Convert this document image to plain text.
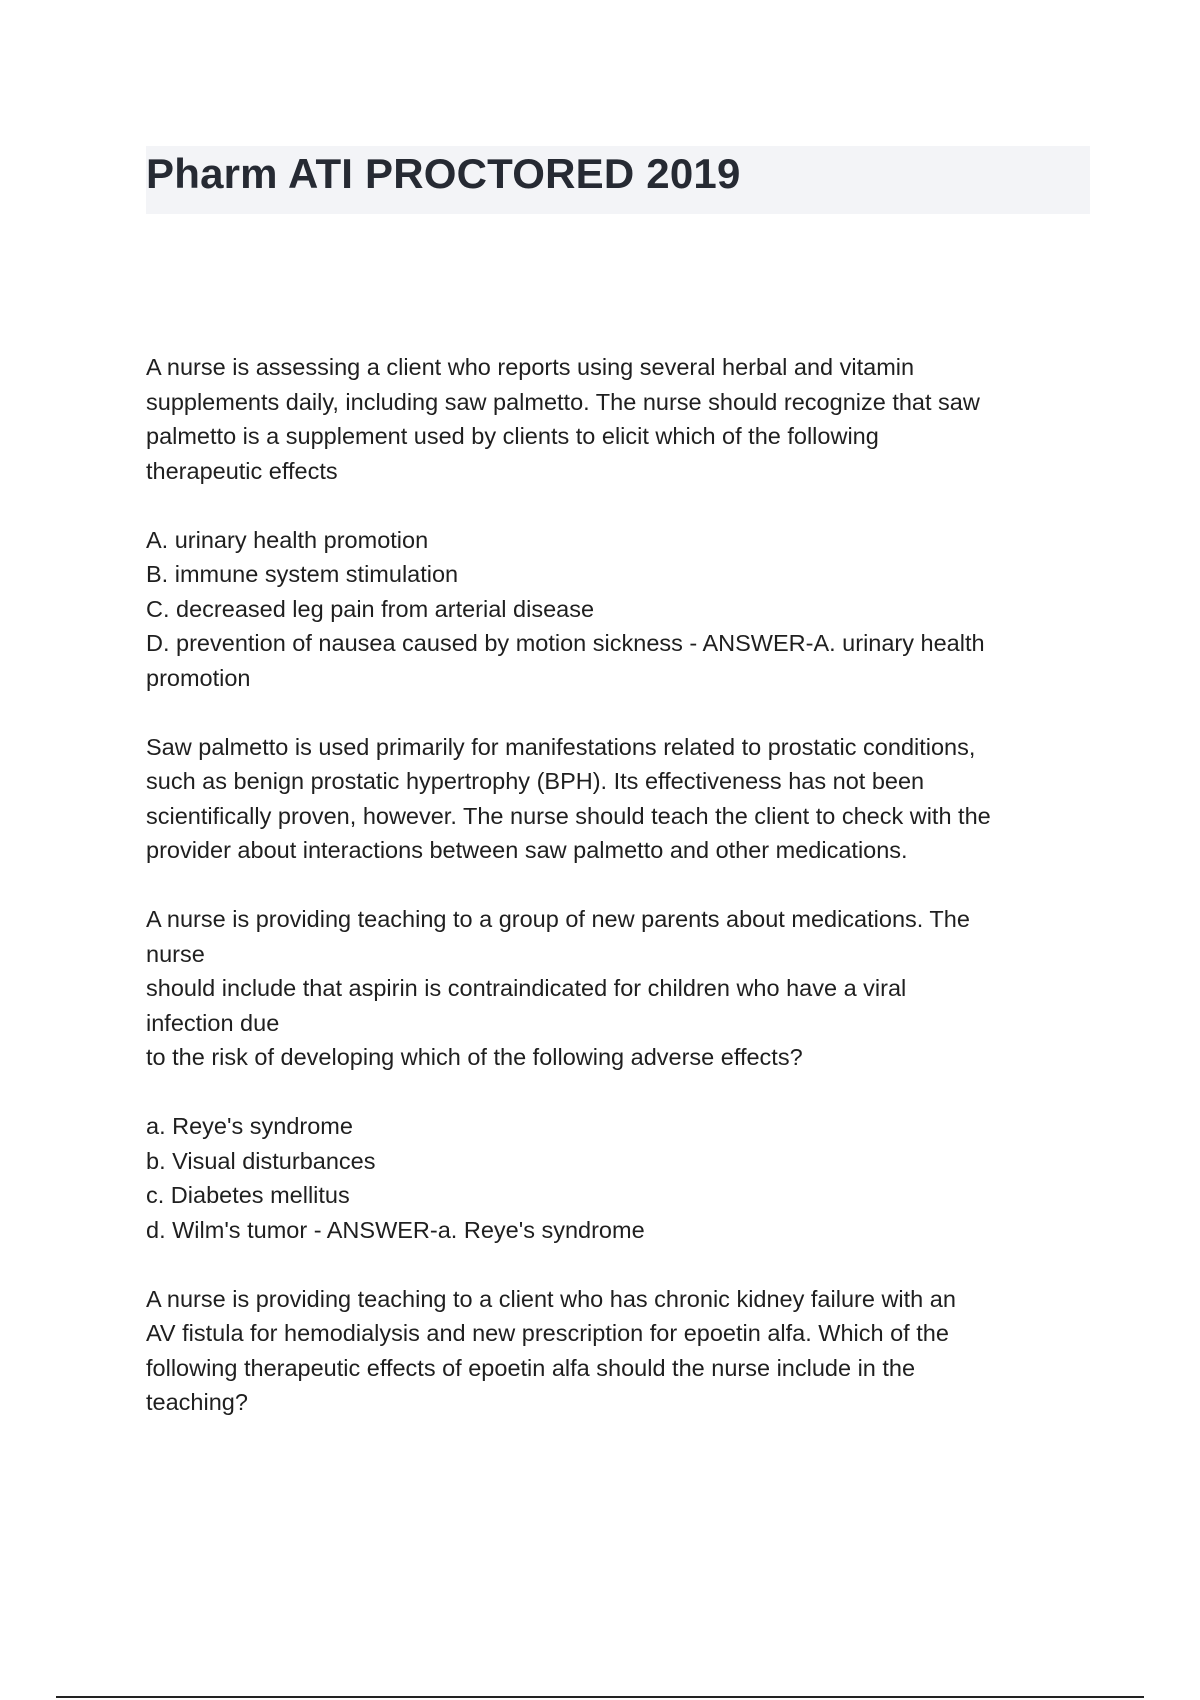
Pharm ATI PROCTORED 2019

A nurse is assessing a client who reports using several herbal and vitamin
supplements daily, including saw palmetto. The nurse should recognize that saw
palmetto is a supplement used by clients to elicit which of the following
therapeutic effects

A. urinary health promotion
B. immune system stimulation
C. decreased leg pain from arterial disease
D. prevention of nausea caused by motion sickness - ANSWER-A. urinary health
promotion

Saw palmetto is used primarily for manifestations related to prostatic conditions,
such as benign prostatic hypertrophy (BPH). Its effectiveness has not been
scientifically proven, however. The nurse should teach the client to check with the
provider about interactions between saw palmetto and other medications.

A nurse is providing teaching to a group of new parents about medications. The
nurse
should include that aspirin is contraindicated for children who have a viral
infection due
to the risk of developing which of the following adverse effects?

a. Reye's syndrome
b. Visual disturbances
c. Diabetes mellitus
d. Wilm's tumor - ANSWER-a. Reye's syndrome

A nurse is providing teaching to a client who has chronic kidney failure with an
AV fistula for hemodialysis and new prescription for epoetin alfa. Which of the
following therapeutic effects of epoetin alfa should the nurse include in the
teaching?
